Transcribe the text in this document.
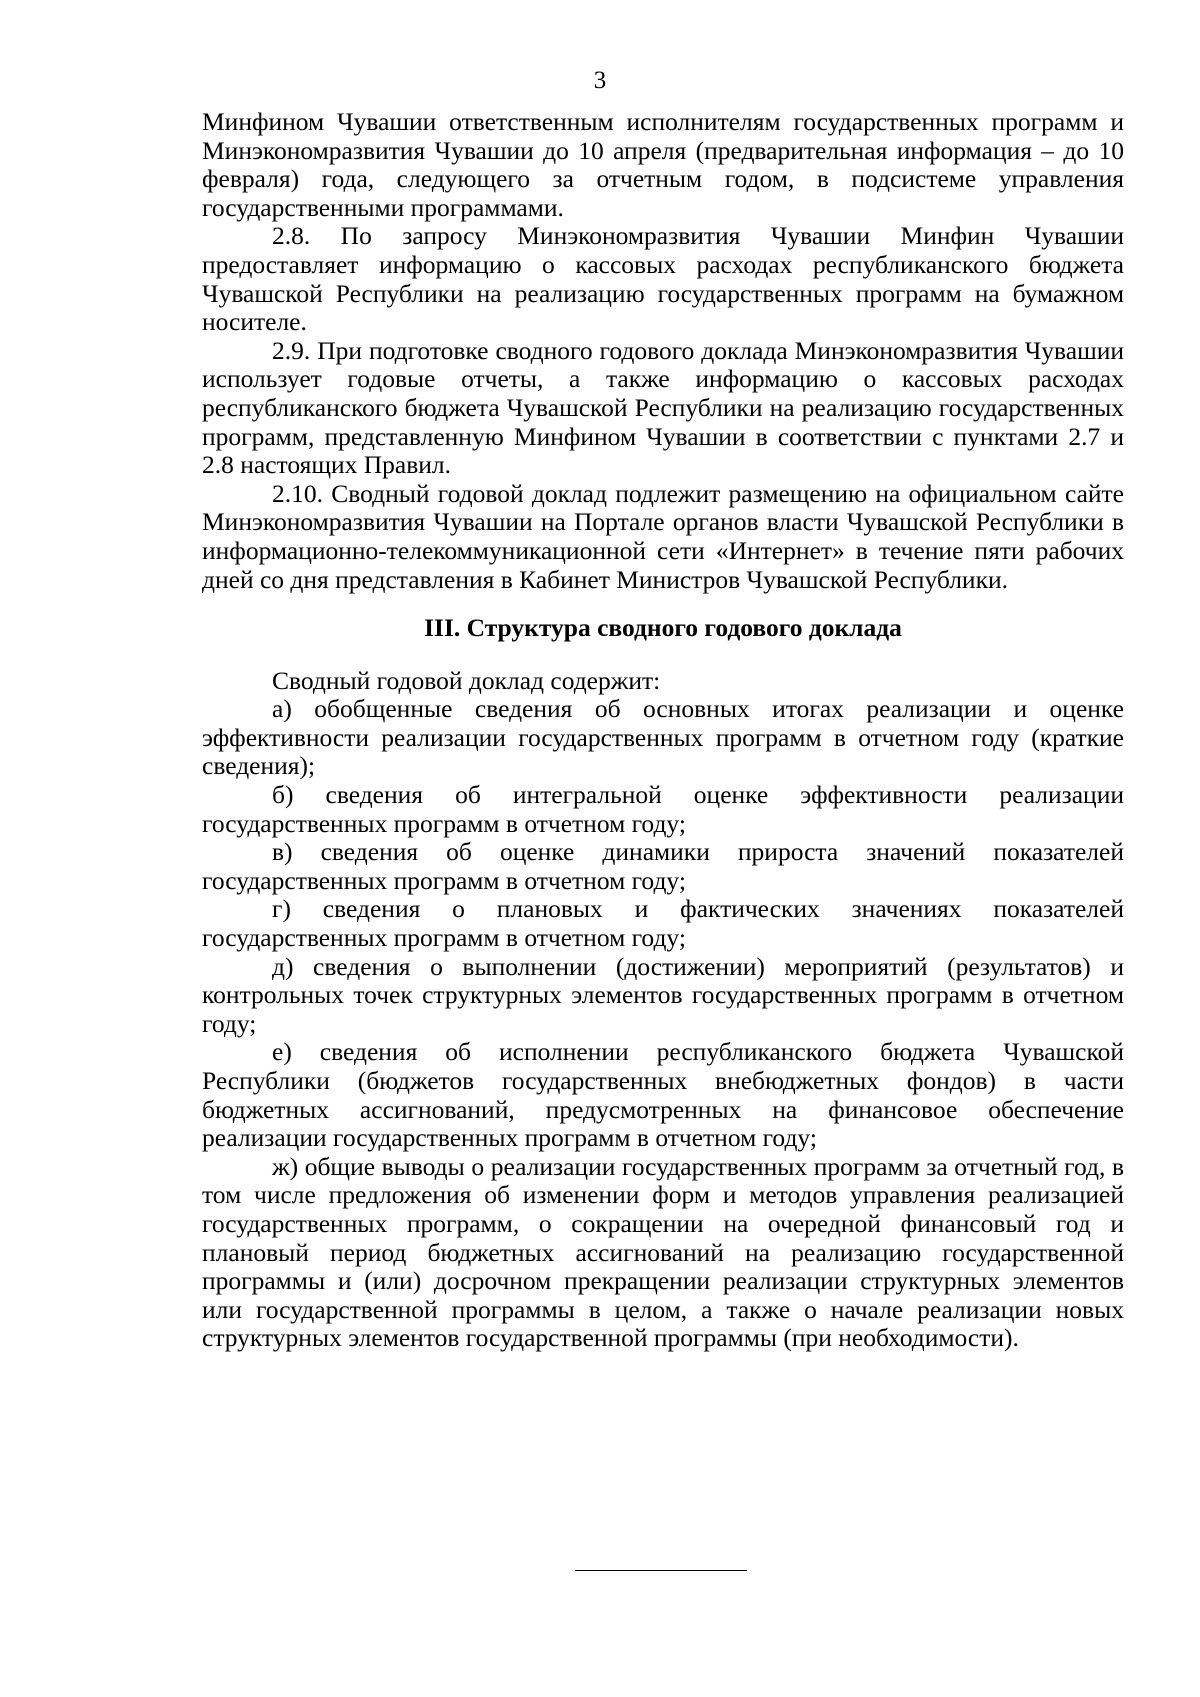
3

Минфином Чувашии ответственным исполнителям государственных программ и Минэкономразвития Чувашии до 10 апреля (предварительная информация – до 10 февраля) года, следующего за отчетным годом, в подсистеме управления государственными программами.

2.8. По запросу Минэкономразвития Чувашии Минфин Чувашии предоставляет информацию о кассовых расходах республиканского бюджета Чувашской Республики на реализацию государственных программ на бумажном носителе.

2.9. При подготовке сводного годового доклада Минэкономразвития Чувашии использует годовые отчеты, а также информацию о кассовых расходах республиканского бюджета Чувашской Республики на реализацию государственных программ, представленную Минфином Чувашии в соответствии с пунктами 2.7 и 2.8 настоящих Правил.

2.10. Сводный годовой доклад подлежит размещению на официальном сайте Минэкономразвития Чувашии на Портале органов власти Чувашской Республики в информационно-телекоммуникационной сети «Интернет» в течение пяти рабочих дней со дня представления в Кабинет Министров Чувашской Республики.

III. Структура сводного годового доклада

Сводный годовой доклад содержит:

а) обобщенные сведения об основных итогах реализации и оценке эффективности реализации государственных программ в отчетном году (краткие сведения);

б) сведения об интегральной оценке эффективности реализации государственных программ в отчетном году;

в) сведения об оценке динамики прироста значений показателей государственных программ в отчетном году;

г) сведения о плановых и фактических значениях показателей государственных программ в отчетном году;

д) сведения о выполнении (достижении) мероприятий (результатов) и контрольных точек структурных элементов государственных программ в отчетном году;

е) сведения об исполнении республиканского бюджета Чувашской Республики (бюджетов государственных внебюджетных фондов) в части бюджетных ассигнований, предусмотренных на финансовое обеспечение реализации государственных программ в отчетном году;

ж) общие выводы о реализации государственных программ за отчетный год, в том числе предложения об изменении форм и методов управления реализацией государственных программ, о сокращении на очередной финансовый год и плановый период бюджетных ассигнований на реализацию государственной программы и (или) досрочном прекращении реализации структурных элементов или государственной программы в целом, а также о начале реализации новых структурных элементов государственной программы (при необходимости).
